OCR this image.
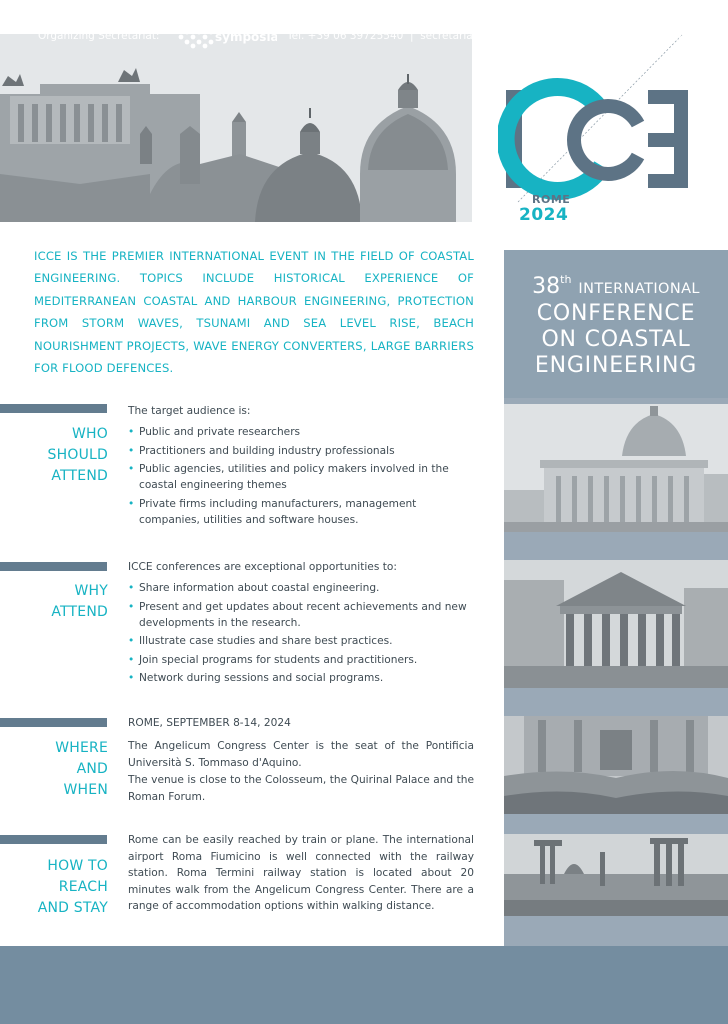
ROME
2024
ICCE IS THE PREMIER INTERNATIONAL EVENT IN THE FIELD OF COASTAL ENGINEERING. TOPICS INCLUDE HISTORICAL EXPERIENCE OF MEDITERRANEAN COASTAL AND HARBOUR ENGINEERING, PROTECTION FROM STORM WAVES, TSUNAMI AND SEA LEVEL RISE, BEACH NOURISHMENT PROJECTS, WAVE ENERGY CONVERTERS, LARGE BARRIERS FOR FLOOD DEFENCES.
38th INTERNATIONAL
CONFERENCE
ON COASTAL
ENGINEERING
WHO
SHOULD
ATTEND
The target audience is:
• Public and private researchers
• Practitioners and building industry professionals
• Public agencies, utilities and policy makers involved in the coastal engineering themes
• Private firms including manufacturers, management companies, utilities and software houses.
WHY
ATTEND
ICCE conferences are exceptional opportunities to:
• Share information about coastal engineering.
• Present and get updates about recent achievements and new developments in the research.
• Illustrate case studies and share best practices.
• Join special programs for students and practitioners.
• Network during sessions and social programs.
WHERE
AND
WHEN
ROME, SEPTEMBER 8-14, 2024
The Angelicum Congress Center is the seat of the Pontificia Università S. Tommaso d'Aquino.
The venue is close to the Colosseum, the Quirinal Palace and the Roman Forum.
HOW TO
REACH
AND STAY
Rome can be easily reached by train or plane. The international airport Roma Fiumicino is well connected with the railway station. Roma Termini railway station is located about 20 minutes walk from the Angelicum Congress Center. There are a range of accommodation options within walking distance.
Organizing Secretariat:	symposia Tel. +39 06 39725540  |  secretariat@icce2024.com  |  www.grupposymposia.it
